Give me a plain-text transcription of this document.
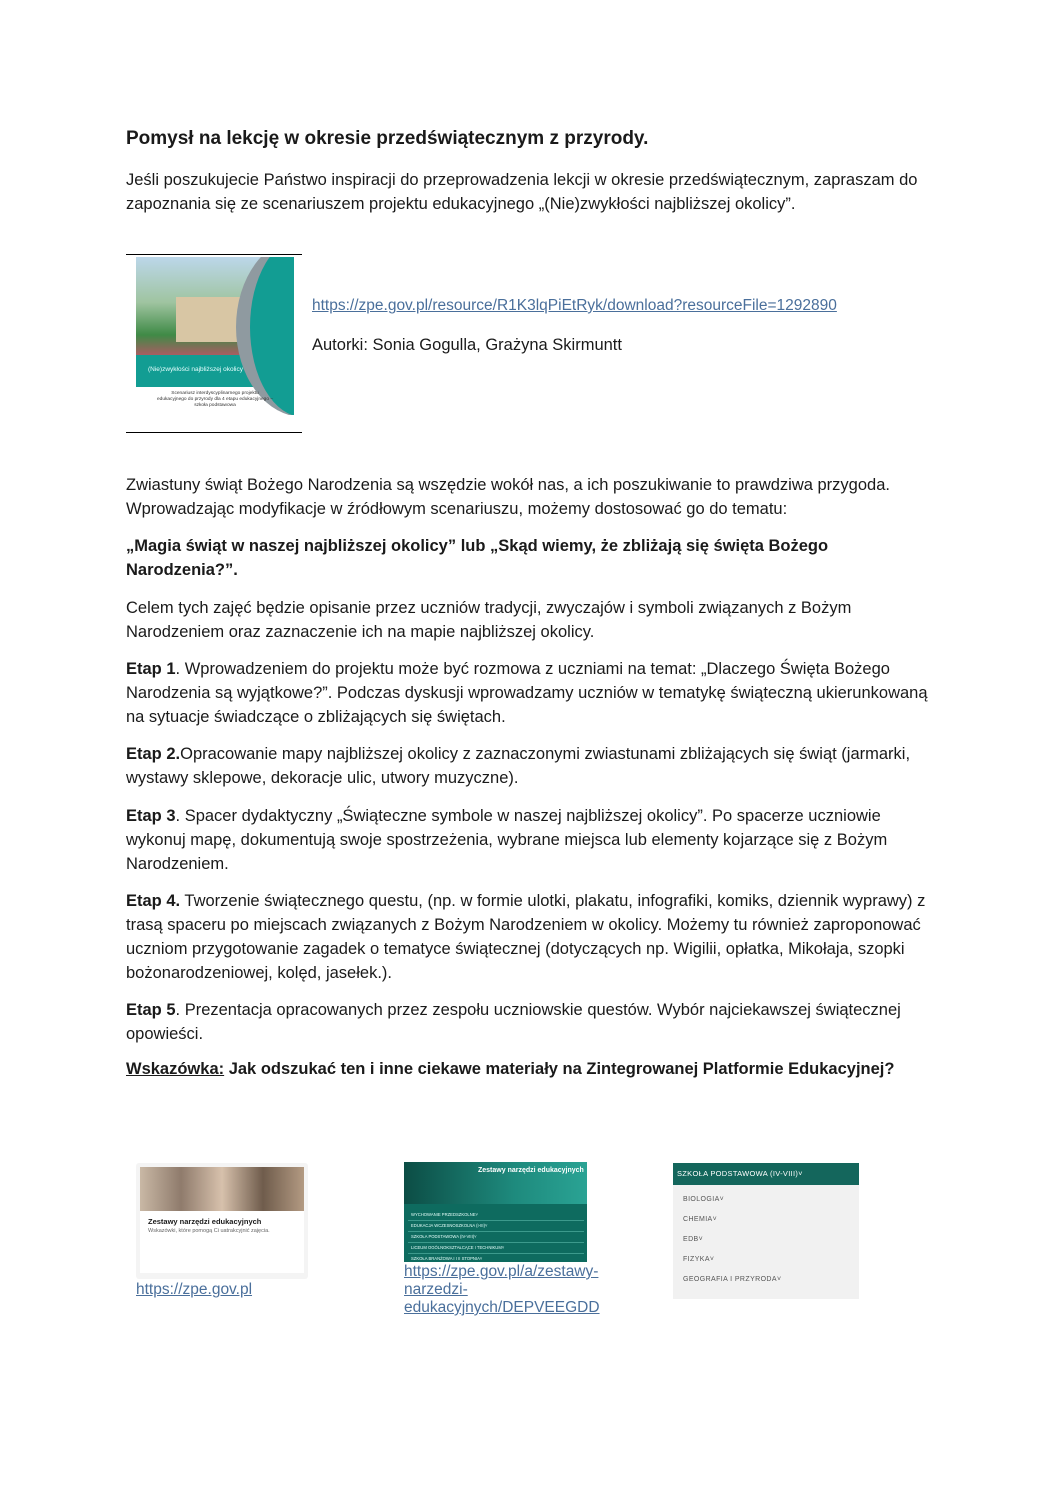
Pomysł na lekcję w okresie przedświątecznym z przyrody.

Jeśli poszukujecie Państwo inspiracji do przeprowadzenia lekcji w okresie przedświątecznym, zapraszam do zapoznania się ze scenariuszem projektu edukacyjnego „(Nie)zwykłości najbliższej okolicy”.

(Nie)zwykłości najbliższej okolicy
Scenariusz interdyscyplinarnego projektu edukacyjnego do przyrody dla 4 etapu edukacyjnego – szkoła podstawowa
https://zpe.gov.pl/resource/R1K3lqPiEtRyk/download?resourceFile=1292890
Autorki: Sonia Gogulla, Grażyna Skirmuntt

Zwiastuny świąt Bożego Narodzenia są wszędzie wokół nas, a ich poszukiwanie to prawdziwa przygoda. Wprowadzając modyfikacje w źródłowym scenariuszu, możemy dostosować go do tematu:

„Magia świąt w naszej najbliższej okolicy” lub „Skąd wiemy, że zbliżają się święta Bożego Narodzenia?”.

Celem tych zajęć będzie opisanie przez uczniów tradycji, zwyczajów i symboli związanych z Bożym Narodzeniem oraz zaznaczenie ich na mapie najbliższej okolicy.

Etap 1. Wprowadzeniem do projektu może być rozmowa z uczniami na temat: „Dlaczego Święta Bożego Narodzenia są wyjątkowe?”. Podczas dyskusji wprowadzamy uczniów w tematykę świąteczną ukierunkowaną na sytuacje świadczące o zbliżających się świętach.

Etap 2.Opracowanie mapy najbliższej okolicy z zaznaczonymi zwiastunami zbliżających się świąt (jarmarki, wystawy sklepowe, dekoracje ulic, utwory muzyczne).

Etap 3. Spacer dydaktyczny „Świąteczne symbole w naszej najbliższej okolicy”. Po spacerze uczniowie wykonuj mapę, dokumentują swoje spostrzeżenia, wybrane miejsca lub elementy kojarzące się z Bożym Narodzeniem.

Etap 4. Tworzenie świątecznego questu, (np. w formie ulotki, plakatu, infografiki, komiks, dziennik wyprawy) z trasą spaceru po miejscach związanych z Bożym Narodzeniem w okolicy. Możemy tu również zaproponować uczniom przygotowanie zagadek o tematyce świątecznej (dotyczących np. Wigilii, opłatka, Mikołaja, szopki bożonarodzeniowej, kolęd, jasełek.).

Etap 5. Prezentacja opracowanych przez zespołu uczniowskie questów. Wybór najciekawszej świątecznej opowieści.

Wskazówka: Jak odszukać ten i inne ciekawe materiały na Zintegrowanej Platformie Edukacyjnej?

Zestawy narzędzi edukacyjnych
Wskazówki, które pomogą Ci uatrakcyjnić zajęcia.
https://zpe.gov.pl
Zestawy narzędzi edukacyjnych
WYCHOWANIE PRZEDSZKOLNE˅
EDUKACJA WCZESNOSZKOLNA (I-III)˅
SZKOŁA PODSTAWOWA (IV-VIII)˅
LICEUM OGÓLNOKSZTAŁCĄCE I TECHNIKUM˅
SZKOŁA BRANŻOWA I I II STOPNIA˅
https://zpe.gov.pl/a/zestawy-narzedzi-edukacyjnych/DEPVEEGDD
SZKOŁA PODSTAWOWA (IV-VIII)˅
BIOLOGIA˅
CHEMIA˅
EDB˅
FIZYKA˅
GEOGRAFIA I PRZYRODA˅
